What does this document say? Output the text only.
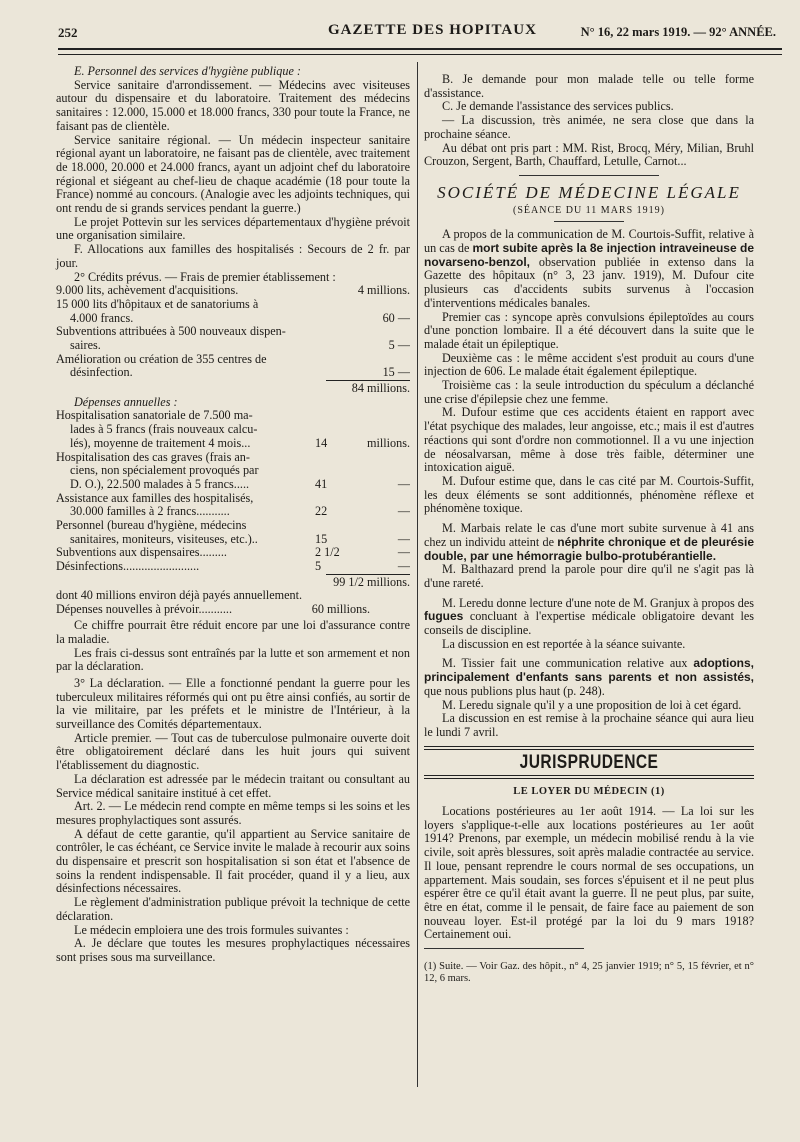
252	GAZETTE DES HOPITAUX	N° 16, 22 mars 1919. — 92° ANNÉE.

E. Personnel des services d'hygiène publique :

Service sanitaire d'arrondissement. — Médecins avec visiteuses autour du dispensaire et du laboratoire. Traitement des médecins sanitaires : 12.000, 15.000 et 18.000 francs, 330 pour toute la France, ne faisant pas de clientèle.

Service sanitaire régional. — Un médecin inspecteur sanitaire régional ayant un laboratoire, ne faisant pas de clientèle, avec traitement de 18.000, 20.000 et 24.000 francs, ayant un adjoint chef du laboratoire régional et siégeant au chef-lieu de chaque académie (18 pour toute la France) nommé au concours. (Analogie avec les adjoints techniques, qui ont rendu de si grands services pendant la guerre.)

Le projet Pottevin sur les services départementaux d'hygiène prévoit une organisation similaire.

F. Allocations aux familles des hospitalisés : Secours de 2 fr. par jour.

2° Crédits prévus. — Frais de premier établissement :

9.000 lits, achèvement d'acquisitions.	4 millions.
15 000 lits d'hôpitaux et de sanatoriums à
4.000 francs.	60 —
Subventions attribuées à 500 nouveaux dispen-
saires.	5 —
Amélioration ou création de 355 centres de
désinfection.	15 —
84 millions.

Dépenses annuelles :

Hospitalisation sanatoriale de 7.500 ma-
lades à 5 francs (frais nouveaux calcu-
lés), moyenne de traitement 4 mois...	14	millions.
Hospitalisation des cas graves (frais an-
ciens, non spécialement provoqués par
D. O.), 22.500 malades à 5 francs.....	41	—
Assistance aux familles des hospitalisés,
30.000 familles à 2 francs...........	22	—
Personnel (bureau d'hygiène, médecins
sanitaires, moniteurs, visiteuses, etc.)..	15	—
Subventions aux dispensaires.........	2 1/2	—
Désinfections.........................	5	—
99 1/2 millions.

dont 40 millions environ déjà payés annuellement.

Dépenses nouvelles à prévoir...........	60 millions.

Ce chiffre pourrait être réduit encore par une loi d'assurance contre la maladie.

Les frais ci-dessus sont entraînés par la lutte et son armement et non par la déclaration.

3° La déclaration. — Elle a fonctionné pendant la guerre pour les tuberculeux militaires réformés qui ont pu être ainsi confiés, au sortir de la vie militaire, par les préfets et le ministre de l'Intérieur, à la surveillance des Comités départementaux.

Article premier. — Tout cas de tuberculose pulmonaire ouverte doit être obligatoirement déclaré dans les huit jours qui suivent l'établissement du diagnostic.

La déclaration est adressée par le médecin traitant ou consultant au Service médical sanitaire institué à cet effet.

Art. 2. — Le médecin rend compte en même temps si les soins et les mesures prophylactiques sont assurés.

A défaut de cette garantie, qu'il appartient au Service sanitaire de contrôler, le cas échéant, ce Service invite le malade à recourir aux soins du dispensaire et prescrit son hospitalisation si son état et l'absence de soins la rendent indispensable. Il fait procéder, quand il y a lieu, aux désinfections nécessaires.

Le règlement d'administration publique prévoit la technique de cette déclaration.

Le médecin emploiera une des trois formules suivantes :

A. Je déclare que toutes les mesures prophylactiques nécessaires sont prises sous ma surveillance.

B. Je demande pour mon malade telle ou telle forme d'assistance.

C. Je demande l'assistance des services publics.

— La discussion, très animée, ne sera close que dans la prochaine séance.

Au débat ont pris part : MM. Rist, Brocq, Méry, Milian, Bruhl Crouzon, Sergent, Barth, Chauffard, Letulle, Carnot...

SOCIÉTÉ DE MÉDECINE LÉGALE
(SÉANCE DU 11 MARS 1919)

A propos de la communication de M. Courtois-Suffit, relative à un cas de mort subite après la 8e injection intraveineuse de novarseno-benzol, observation publiée in extenso dans la Gazette des hôpitaux (n° 3, 23 janv. 1919), M. Dufour cite plusieurs cas d'accidents subits survenus à l'occasion d'interventions médicales banales.

Premier cas : syncope après convulsions épileptoïdes au cours d'une ponction lombaire. Il a été découvert dans la suite que le malade était un épileptique.

Deuxième cas : le même accident s'est produit au cours d'une injection de 606. Le malade était également épileptique.

Troisième cas : la seule introduction du spéculum a déclanché une crise d'épilepsie chez une femme.

M. Dufour estime que ces accidents étaient en rapport avec l'état psychique des malades, leur angoisse, etc.; mais il est d'autres réactions qui sont d'ordre non commotionnel. Il a vu une injection de néosalvarsan, même à dose très faible, déterminer une intoxication aiguë.

M. Dufour estime que, dans le cas cité par M. Courtois-Suffit, les deux éléments se sont additionnés, phénomène réflexe et phénomène toxique.

M. Marbais relate le cas d'une mort subite survenue à 41 ans chez un individu atteint de néphrite chronique et de pleurésie double, par une hémorragie bulbo-protubérantielle.

M. Balthazard prend la parole pour dire qu'il ne s'agit pas là d'une rareté.

M. Leredu donne lecture d'une note de M. Granjux à propos des fugues concluant à l'expertise médicale obligatoire devant les conseils de discipline.

La discussion en est reportée à la séance suivante.

M. Tissier fait une communication relative aux adoptions, principalement d'enfants sans parents et non assistés, que nous publions plus haut (p. 248).

M. Leredu signale qu'il y a une proposition de loi à cet égard.

La discussion en est remise à la prochaine séance qui aura lieu le lundi 7 avril.

JURISPRUDENCE
LE LOYER DU MÉDECIN (1)

Locations postérieures au 1er août 1914. — La loi sur les loyers s'applique-t-elle aux locations postérieures au 1er août 1914? Prenons, par exemple, un médecin mobilisé rendu à la vie civile, soit après blessures, soit après maladie contractée au service. Il loue, pensant reprendre le cours normal de ses occupations, un appartement. Mais soudain, ses forces s'épuisent et il ne peut plus espérer être ce qu'il était avant la guerre. Il ne peut plus, par suite, être en état, comme il le pensait, de faire face au paiement de son nouveau loyer. Est-il protégé par la loi du 9 mars 1918? Certainement oui.

(1) Suite. — Voir Gaz. des hôpit., n° 4, 25 janvier 1919; n° 5, 15 février, et n° 12, 6 mars.
